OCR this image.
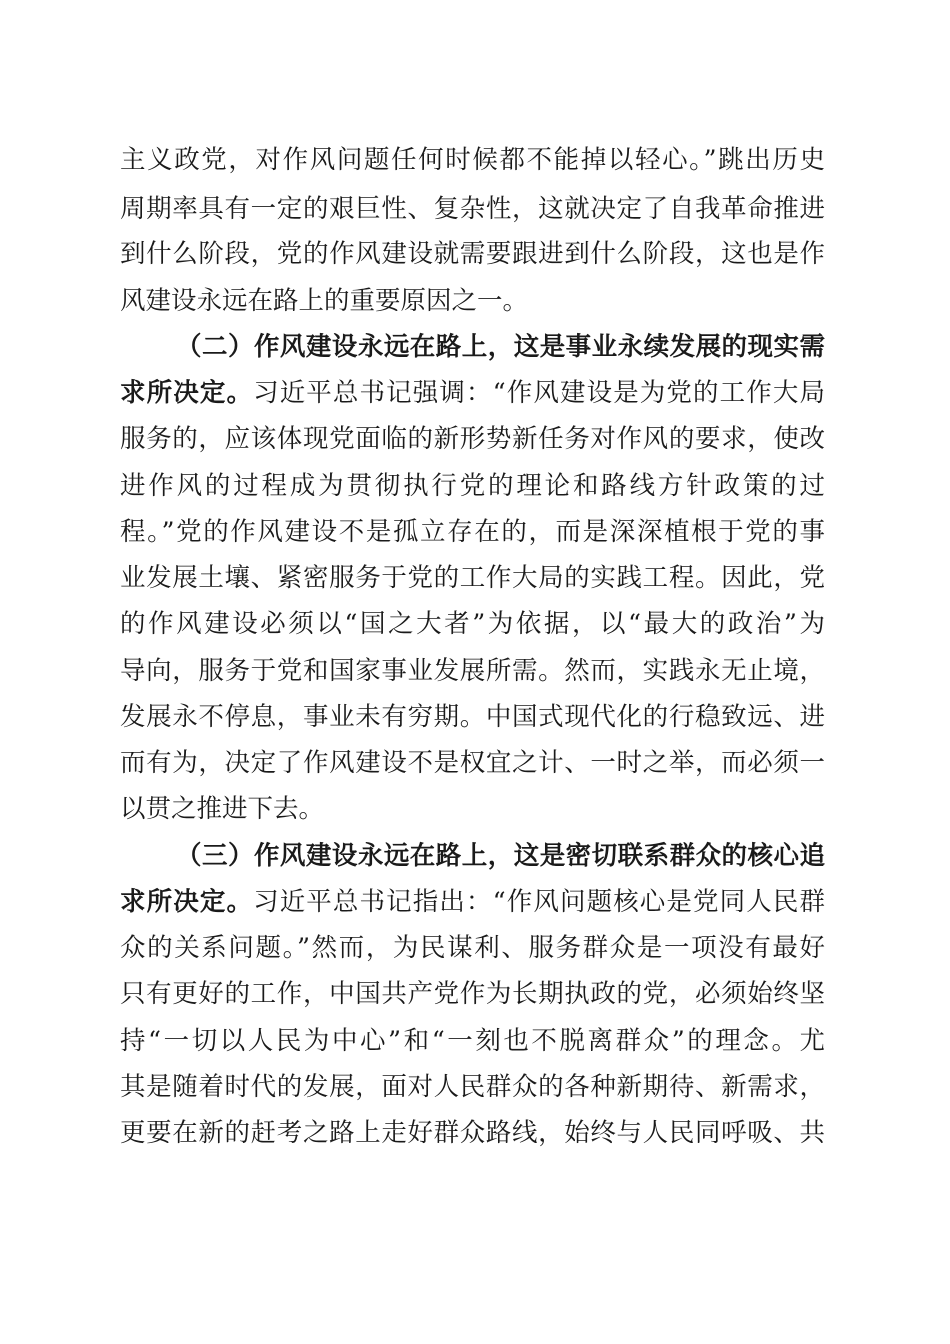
主义政党，对作风问题任何时候都不能掉以轻心。”跳出历史
周期率具有一定的艰巨性、复杂性，这就决定了自我革命推进
到什么阶段，党的作风建设就需要跟进到什么阶段，这也是作
风建设永远在路上的重要原因之一。
（二）作风建设永远在路上，这是事业永续发展的现实需
求所决定。习近平总书记强调：“作风建设是为党的工作大局
服务的，应该体现党面临的新形势新任务对作风的要求，使改
进作风的过程成为贯彻执行党的理论和路线方针政策的过
程。”党的作风建设不是孤立存在的，而是深深植根于党的事
业发展土壤、紧密服务于党的工作大局的实践工程。因此，党
的作风建设必须以“国之大者”为依据，以“最大的政治”为
导向，服务于党和国家事业发展所需。然而，实践永无止境，
发展永不停息，事业未有穷期。中国式现代化的行稳致远、进
而有为，决定了作风建设不是权宜之计、一时之举，而必须一
以贯之推进下去。
（三）作风建设永远在路上，这是密切联系群众的核心追
求所决定。习近平总书记指出：“作风问题核心是党同人民群
众的关系问题。”然而，为民谋利、服务群众是一项没有最好
只有更好的工作，中国共产党作为长期执政的党，必须始终坚
持“一切以人民为中心”和“一刻也不脱离群众”的理念。尤
其是随着时代的发展，面对人民群众的各种新期待、新需求，
更要在新的赶考之路上走好群众路线，始终与人民同呼吸、共
